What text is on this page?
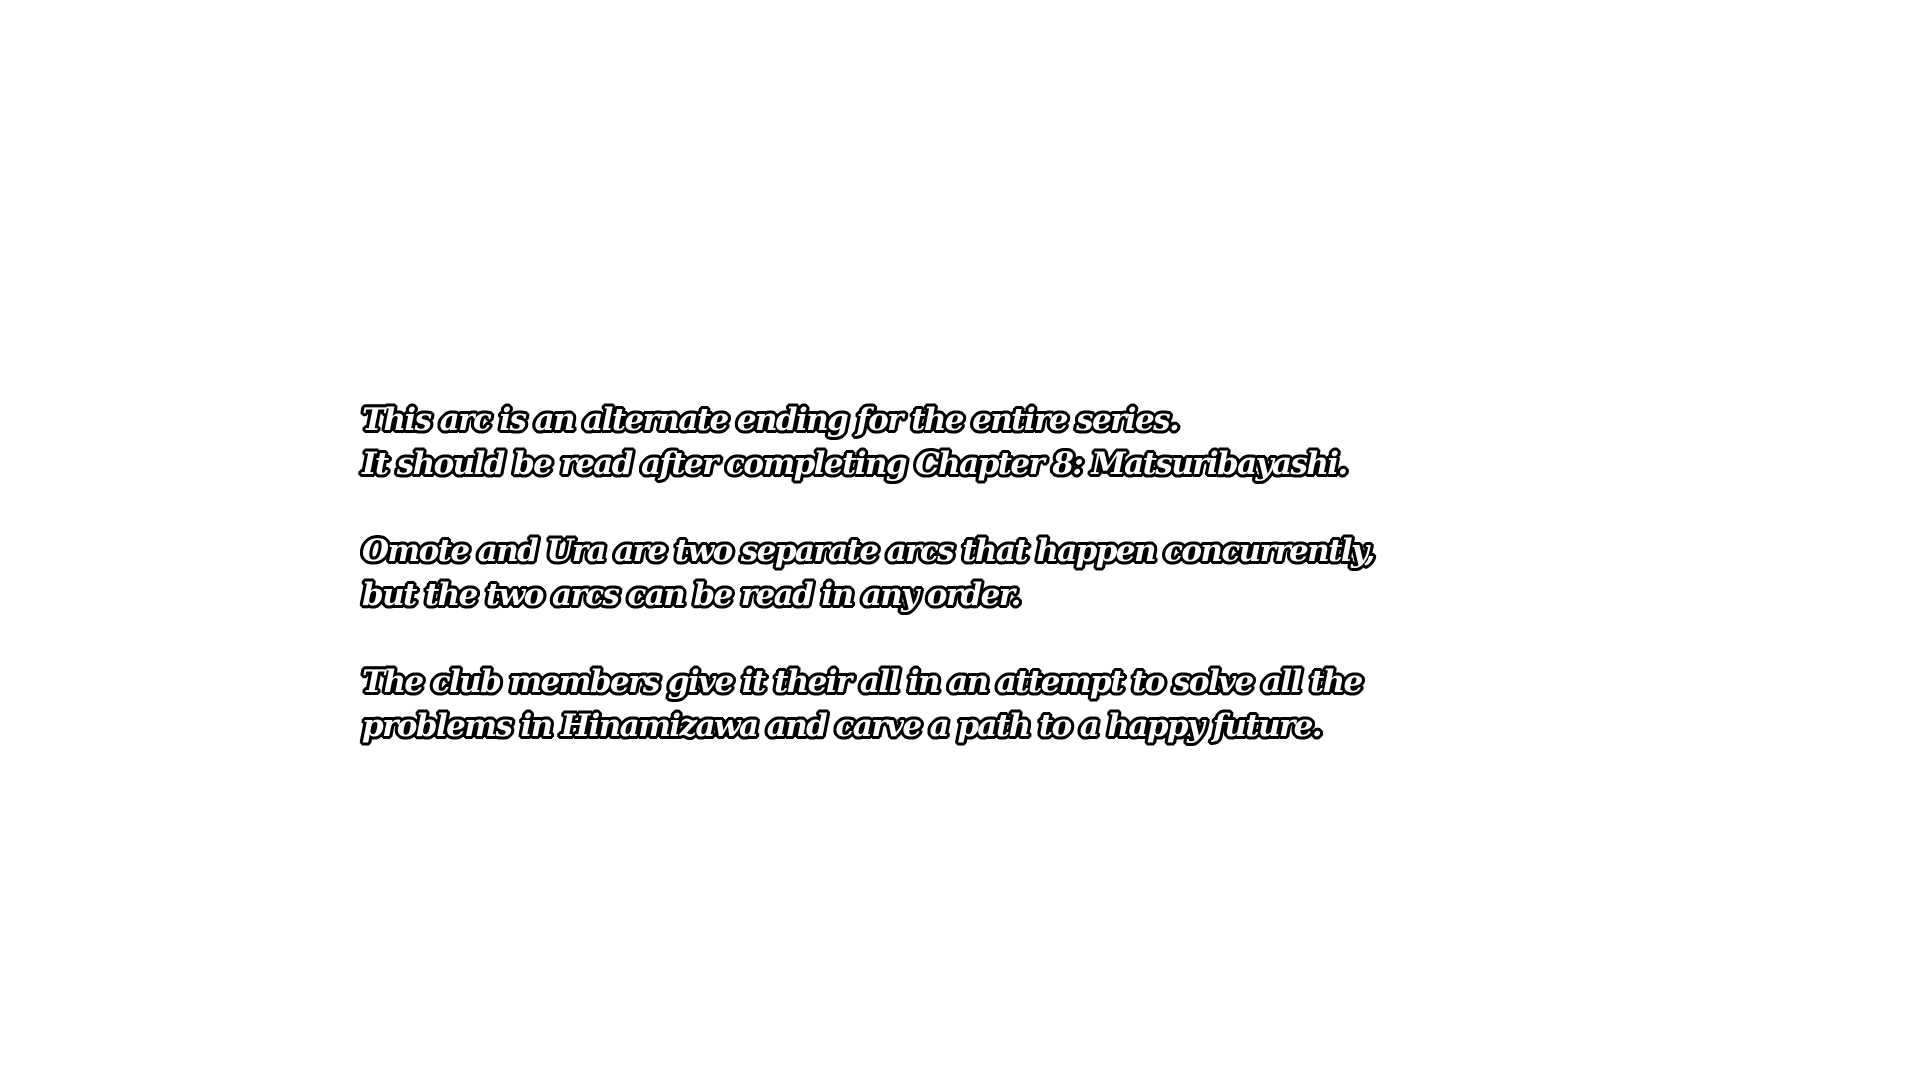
This arc is an alternate ending for the entire series.
It should be read after completing Chapter 8: Matsuribayashi.

Omote and Ura are two separate arcs that happen concurrently,
but the two arcs can be read in any order.

The club members give it their all in an attempt to solve all the
problems in Hinamizawa and carve a path to a happy future.
